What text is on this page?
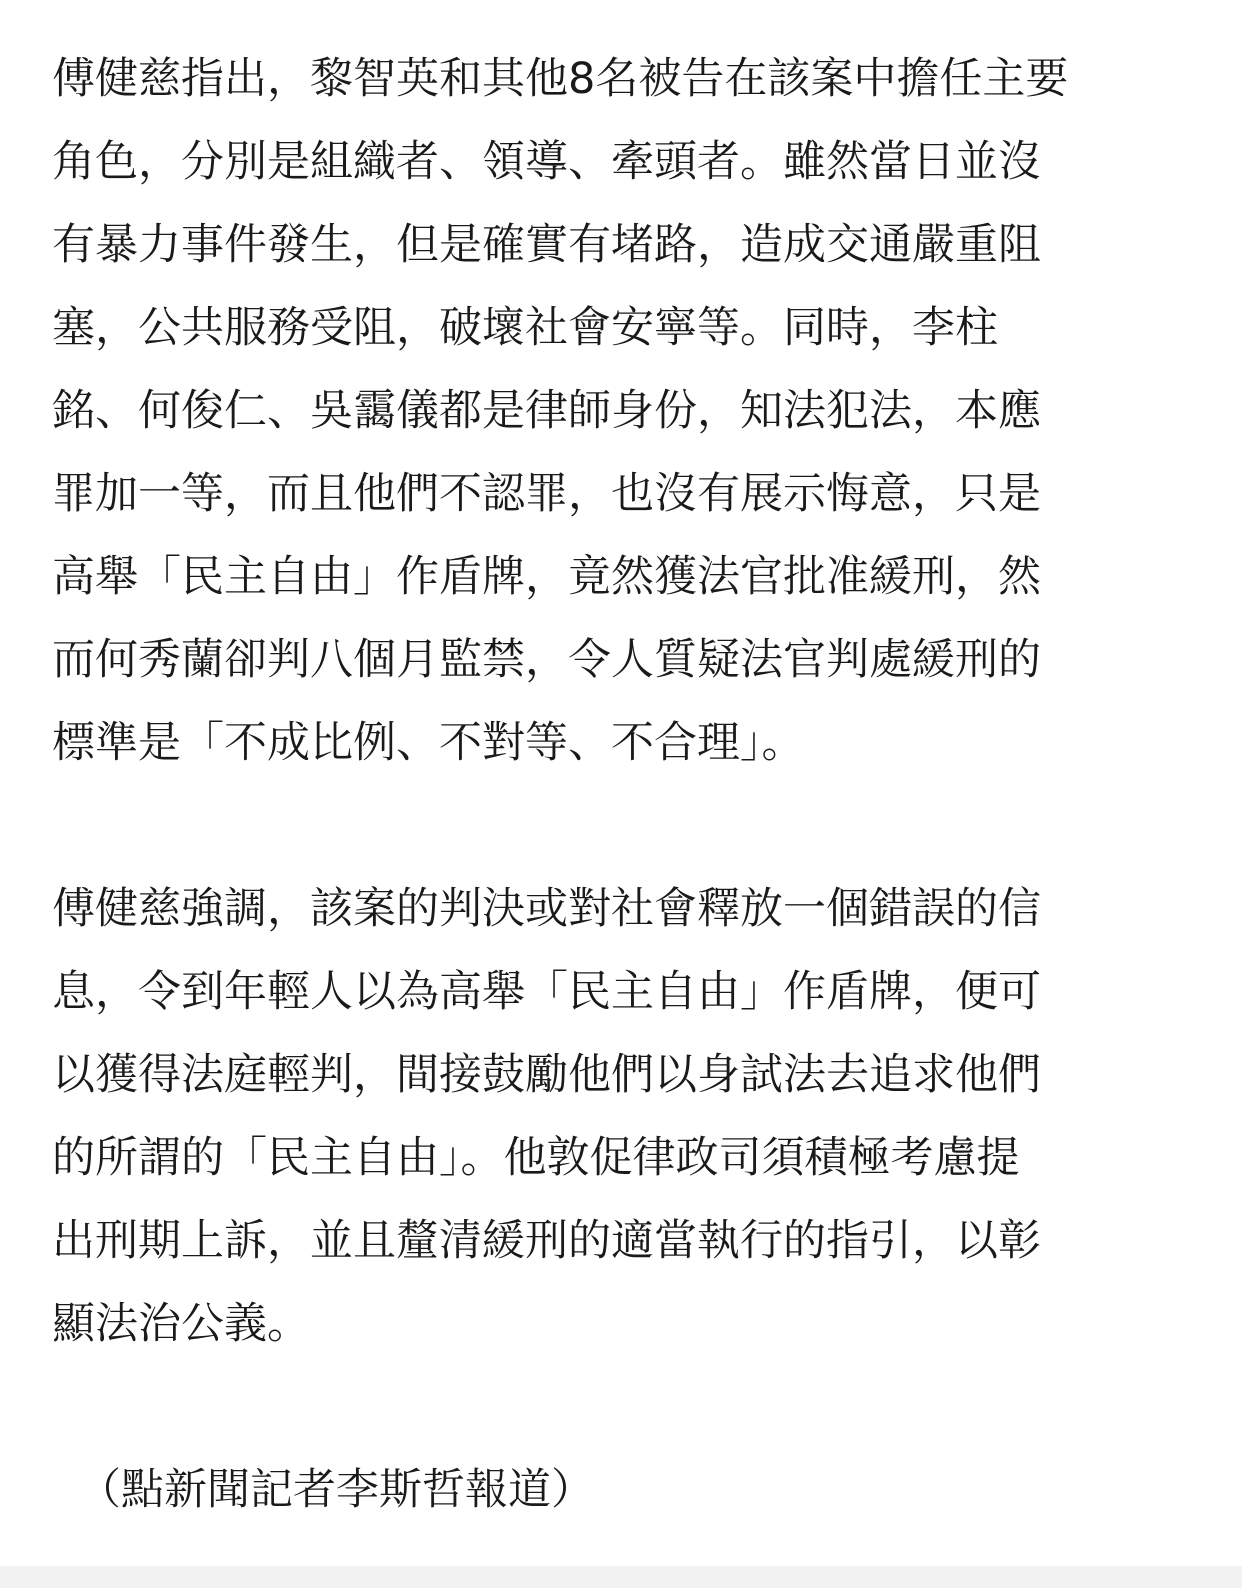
傅健慈指出，黎智英和其他8名被告在該案中擔任主要
角色，分別是組織者、領導、牽頭者。雖然當日並沒
有暴力事件發生，但是確實有堵路，造成交通嚴重阻
塞，公共服務受阻，破壞社會安寧等。同時，李柱
銘、何俊仁、吳靄儀都是律師身份，知法犯法，本應
罪加一等，而且他們不認罪，也沒有展示悔意，只是
高舉「民主自由」作盾牌，竟然獲法官批准緩刑，然
而何秀蘭卻判八個月監禁，令人質疑法官判處緩刑的
標準是「不成比例、不對等、不合理」。

傅健慈強調，該案的判決或對社會釋放一個錯誤的信
息，令到年輕人以為高舉「民主自由」作盾牌，便可
以獲得法庭輕判，間接鼓勵他們以身試法去追求他們
的所謂的「民主自由」。他敦促律政司須積極考慮提
出刑期上訴，並且釐清緩刑的適當執行的指引，以彰
顯法治公義。

（點新聞記者李斯哲報道）
